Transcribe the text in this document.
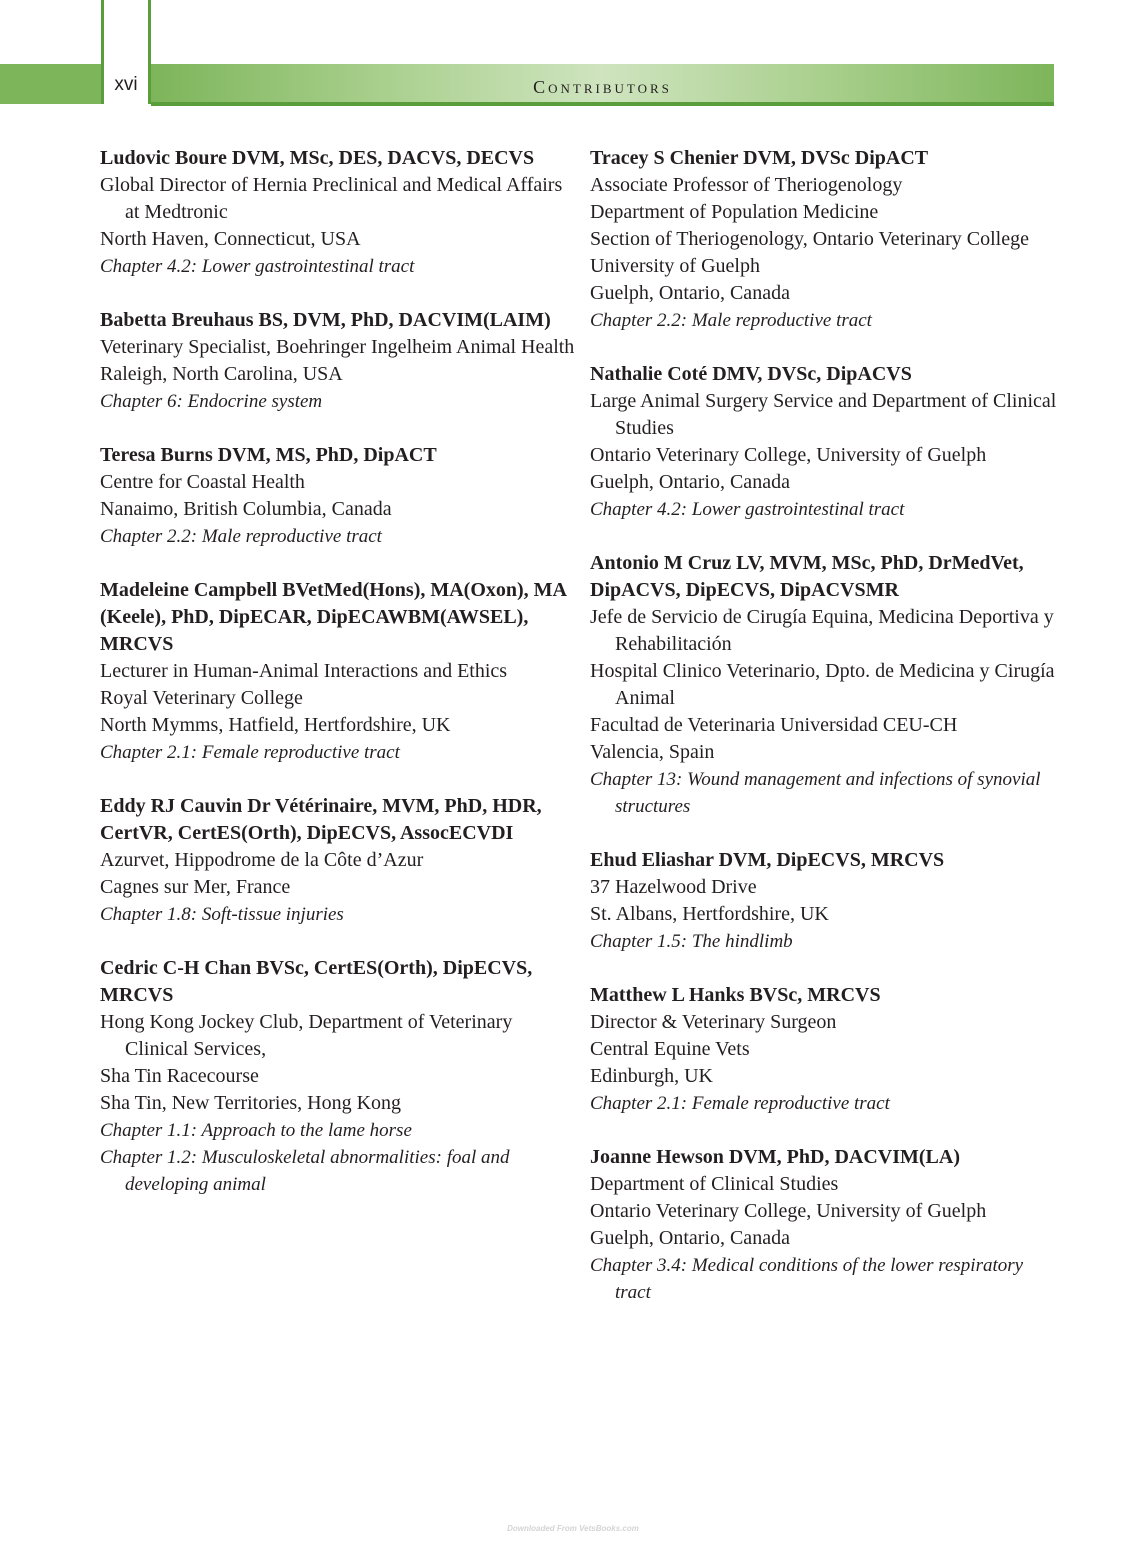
xvi	Contributors
Ludovic Boure DVM, MSc, DES, DACVS, DECVS
Global Director of Hernia Preclinical and Medical Affairs at Medtronic
North Haven, Connecticut, USA
Chapter 4.2: Lower gastrointestinal tract
Babetta Breuhaus BS, DVM, PhD, DACVIM(LAIM)
Veterinary Specialist, Boehringer Ingelheim Animal Health
Raleigh, North Carolina, USA
Chapter 6: Endocrine system
Teresa Burns DVM, MS, PhD, DipACT
Centre for Coastal Health
Nanaimo, British Columbia, Canada
Chapter 2.2: Male reproductive tract
Madeleine Campbell BVetMed(Hons), MA(Oxon), MA (Keele), PhD, DipECAR, DipECAWBM(AWSEL), MRCVS
Lecturer in Human-Animal Interactions and Ethics
Royal Veterinary College
North Mymms, Hatfield, Hertfordshire, UK
Chapter 2.1: Female reproductive tract
Eddy RJ Cauvin Dr Vétérinaire, MVM, PhD, HDR, CertVR, CertES(Orth), DipECVS, AssocECVDI
Azurvet, Hippodrome de la Côte d’Azur
Cagnes sur Mer, France
Chapter 1.8: Soft-tissue injuries
Cedric C-H Chan BVSc, CertES(Orth), DipECVS, MRCVS
Hong Kong Jockey Club, Department of Veterinary Clinical Services,
Sha Tin Racecourse
Sha Tin, New Territories, Hong Kong
Chapter 1.1: Approach to the lame horse
Chapter 1.2: Musculoskeletal abnormalities: foal and developing animal
Tracey S Chenier DVM, DVSc DipACT
Associate Professor of Theriogenology
Department of Population Medicine
Section of Theriogenology, Ontario Veterinary College
University of Guelph
Guelph, Ontario, Canada
Chapter 2.2: Male reproductive tract
Nathalie Coté DMV, DVSc, DipACVS
Large Animal Surgery Service and Department of Clinical Studies
Ontario Veterinary College, University of Guelph
Guelph, Ontario, Canada
Chapter 4.2: Lower gastrointestinal tract
Antonio M Cruz LV, MVM, MSc, PhD, DrMedVet, DipACVS, DipECVS, DipACVSMR
Jefe de Servicio de Cirugía Equina, Medicina Deportiva y Rehabilitación
Hospital Clinico Veterinario, Dpto. de Medicina y Cirugía Animal
Facultad de Veterinaria Universidad CEU-CH
Valencia, Spain
Chapter 13: Wound management and infections of synovial structures
Ehud Eliashar DVM, DipECVS, MRCVS
37 Hazelwood Drive
St. Albans, Hertfordshire, UK
Chapter 1.5: The hindlimb
Matthew L Hanks BVSc, MRCVS
Director & Veterinary Surgeon
Central Equine Vets
Edinburgh, UK
Chapter 2.1: Female reproductive tract
Joanne Hewson DVM, PhD, DACVIM(LA)
Department of Clinical Studies
Ontario Veterinary College, University of Guelph
Guelph, Ontario, Canada
Chapter 3.4: Medical conditions of the lower respiratory tract
Downloaded From VetsBooks.com
